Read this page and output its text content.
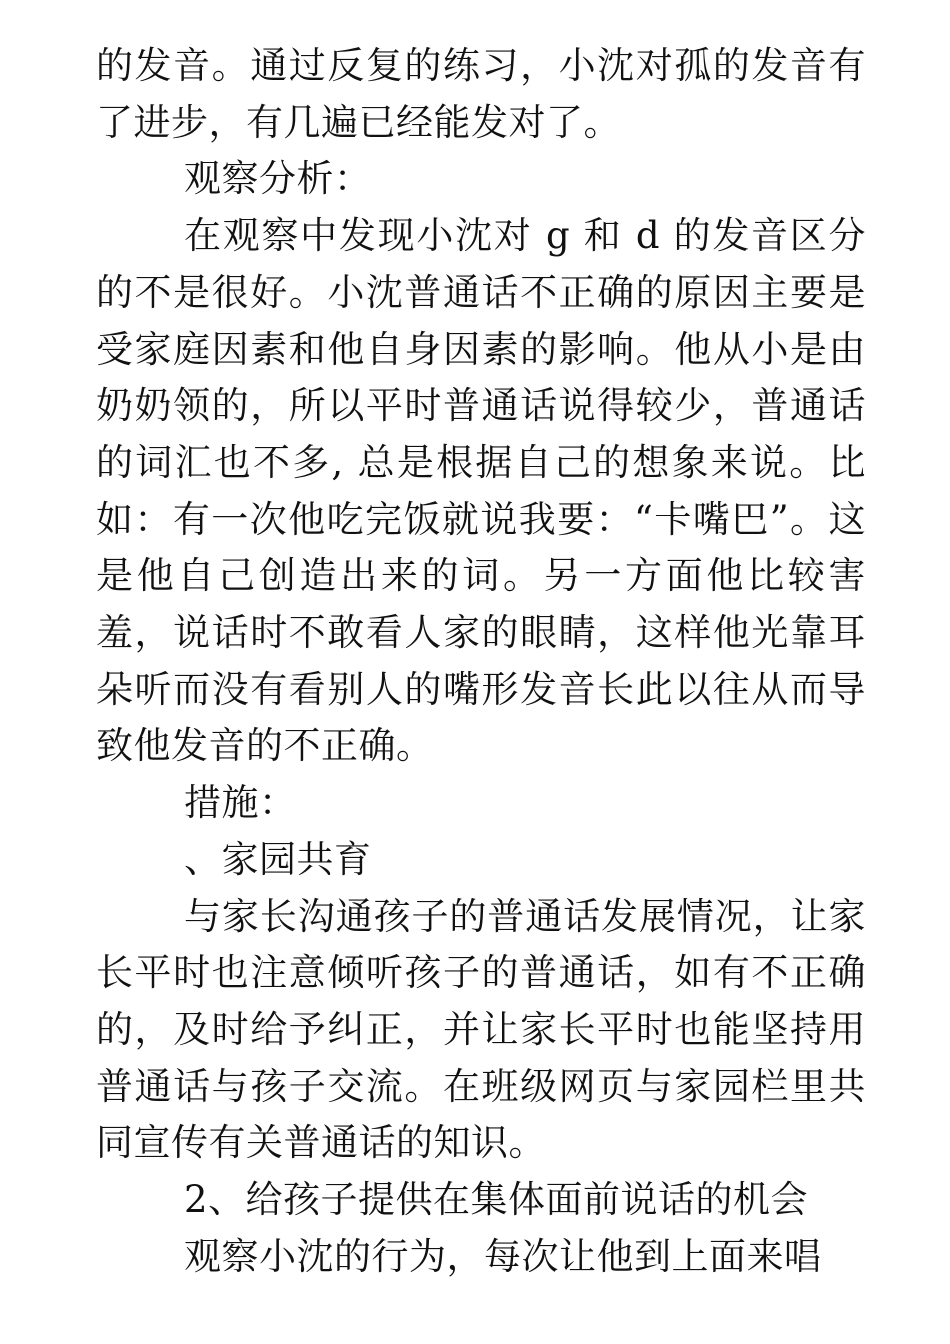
的发音。通过反复的练习，小沈对孤的发音有了进步，有几遍已经能发对了。

观察分析：

在观察中发现小沈对 g 和 d 的发音区分的不是很好。小沈普通话不正确的原因主要是受家庭因素和他自身因素的影响。他从小是由奶奶领的，所以平时普通话说得较少，普通话的词汇也不多, 总是根据自己的想象来说。比如：有一次他吃完饭就说我要：“卡嘴巴”。这是他自己创造出来的词。另一方面他比较害羞，说话时不敢看人家的眼睛，这样他光靠耳朵听而没有看别人的嘴形发音长此以往从而导致他发音的不正确。

措施：

、家园共育

与家长沟通孩子的普通话发展情况，让家长平时也注意倾听孩子的普通话，如有不正确的，及时给予纠正，并让家长平时也能坚持用普通话与孩子交流。在班级网页与家园栏里共同宣传有关普通话的知识。

2、给孩子提供在集体面前说话的机会

观察小沈的行为，每次让他到上面来唱
